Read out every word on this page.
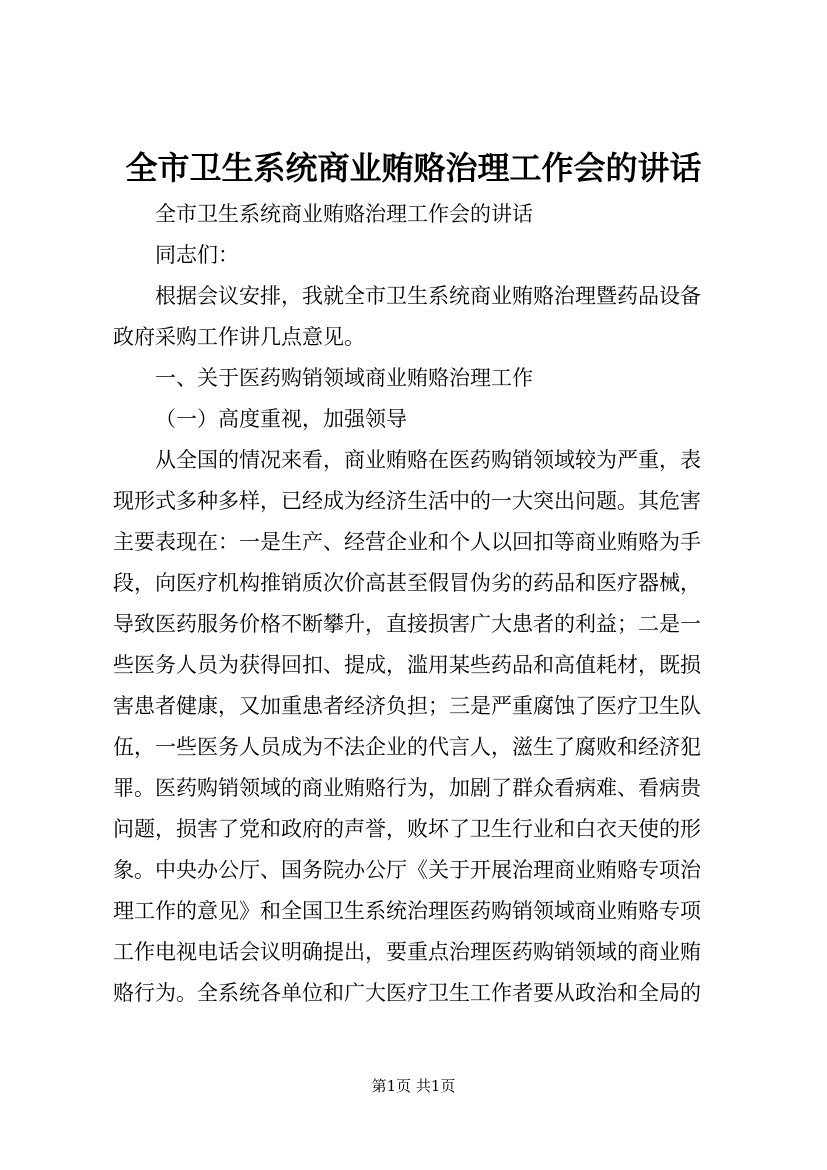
全市卫生系统商业贿赂治理工作会的讲话

全市卫生系统商业贿赂治理工作会的讲话

同志们：

根据会议安排，我就全市卫生系统商业贿赂治理暨药品设备
政府采购工作讲几点意见。

一、关于医药购销领域商业贿赂治理工作

（一）高度重视，加强领导

从全国的情况来看，商业贿赂在医药购销领域较为严重，表
现形式多种多样，已经成为经济生活中的一大突出问题。其危害
主要表现在：一是生产、经营企业和个人以回扣等商业贿赂为手
段，向医疗机构推销质次价高甚至假冒伪劣的药品和医疗器械，
导致医药服务价格不断攀升，直接损害广大患者的利益；二是一
些医务人员为获得回扣、提成，滥用某些药品和高值耗材，既损
害患者健康，又加重患者经济负担；三是严重腐蚀了医疗卫生队
伍，一些医务人员成为不法企业的代言人，滋生了腐败和经济犯
罪。医药购销领域的商业贿赂行为，加剧了群众看病难、看病贵
问题，损害了党和政府的声誉，败坏了卫生行业和白衣天使的形
象。中央办公厅、国务院办公厅《关于开展治理商业贿赂专项治
理工作的意见》和全国卫生系统治理医药购销领域商业贿赂专项
工作电视电话会议明确提出，要重点治理医药购销领域的商业贿
赂行为。全系统各单位和广大医疗卫生工作者要从政治和全局的

第1页 共1页
